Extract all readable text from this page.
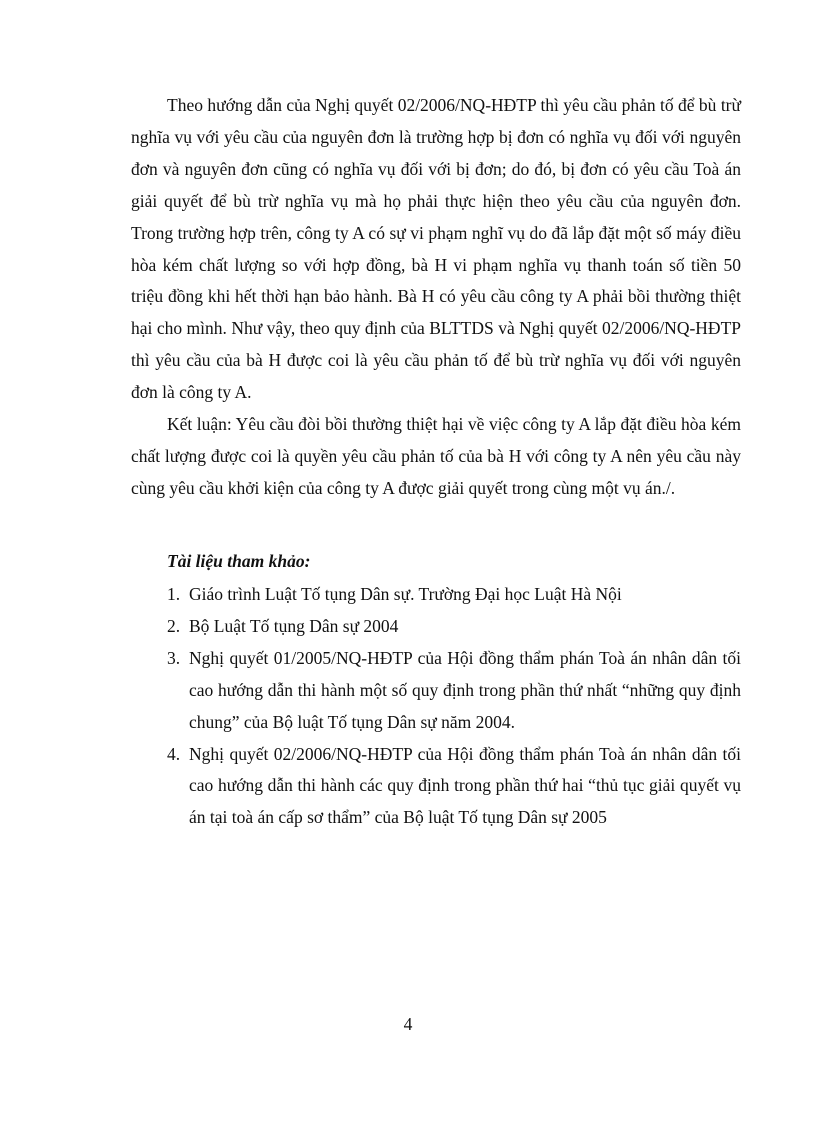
Theo hướng dẫn của Nghị quyết 02/2006/NQ-HĐTP thì yêu cầu phản tố để bù trừ nghĩa vụ với yêu cầu của nguyên đơn là trường hợp bị đơn có nghĩa vụ đối với nguyên đơn và nguyên đơn cũng có nghĩa vụ đối với bị đơn; do đó, bị đơn có yêu cầu Toà án giải quyết để bù trừ nghĩa vụ mà họ phải thực hiện theo yêu cầu của nguyên đơn. Trong trường hợp trên, công ty A có sự vi phạm nghĩ vụ do đã lắp đặt một số máy điều hòa kém chất lượng so với hợp đồng, bà H vi phạm nghĩa vụ thanh toán số tiền 50 triệu đồng khi hết thời hạn bảo hành. Bà H có yêu cầu công ty A phải bồi thường thiệt hại cho mình. Như vậy, theo quy định của BLTTDS và Nghị quyết 02/2006/NQ-HĐTP thì yêu cầu của bà H được coi là yêu cầu phản tố để bù trừ nghĩa vụ đối với nguyên đơn là công ty A.

Kết luận: Yêu cầu đòi bồi thường thiệt hại về việc công ty A lắp đặt điều hòa kém chất lượng được coi là quyền yêu cầu phản tố của bà H với công ty A nên yêu cầu này cùng yêu cầu khởi kiện của công ty A được giải quyết trong cùng một vụ án./.

Tài liệu tham khảo:

1. Giáo trình Luật Tố tụng Dân sự. Trường Đại học Luật Hà Nội
2. Bộ Luật Tố tụng Dân sự 2004
3. Nghị quyết 01/2005/NQ-HĐTP của Hội đồng thẩm phán Toà án nhân dân tối cao hướng dẫn thi hành một số quy định trong phần thứ nhất “những quy định chung” của Bộ luật Tố tụng Dân sự năm 2004.
4. Nghị quyết 02/2006/NQ-HĐTP của Hội đồng thẩm phán Toà án nhân dân tối cao hướng dẫn thi hành các quy định trong phần thứ hai “thủ tục giải quyết vụ án tại toà án cấp sơ thẩm” của Bộ luật Tố tụng Dân sự 2005
4
